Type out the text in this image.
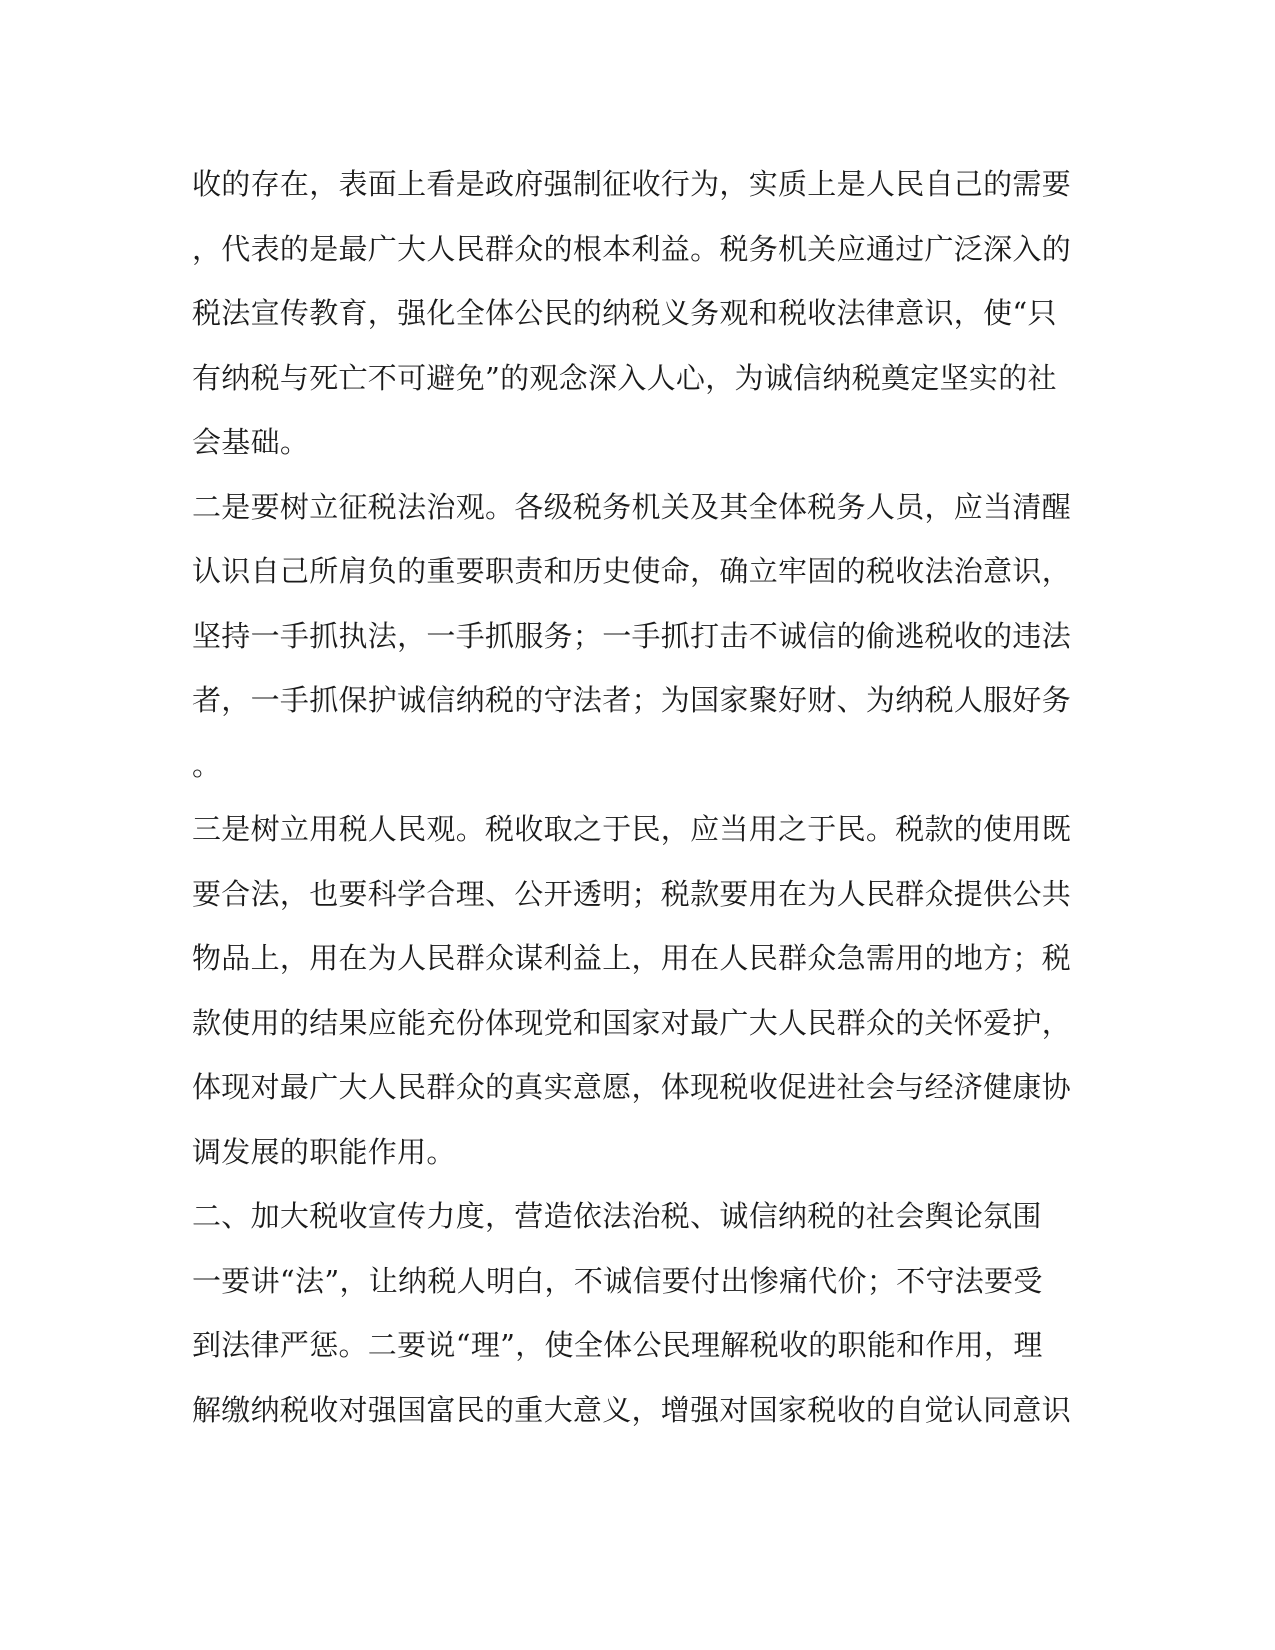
收的存在，表面上看是政府强制征收行为，实质上是人民自己的需要
，代表的是最广大人民群众的根本利益。税务机关应通过广泛深入的
税法宣传教育，强化全体公民的纳税义务观和税收法律意识，使“只
有纳税与死亡不可避免”的观念深入人心，为诚信纳税奠定坚实的社
会基础。
二是要树立征税法治观。各级税务机关及其全体税务人员，应当清醒
认识自己所肩负的重要职责和历史使命，确立牢固的税收法治意识，
坚持一手抓执法，一手抓服务；一手抓打击不诚信的偷逃税收的违法
者，一手抓保护诚信纳税的守法者；为国家聚好财、为纳税人服好务
。
三是树立用税人民观。税收取之于民，应当用之于民。税款的使用既
要合法，也要科学合理、公开透明；税款要用在为人民群众提供公共
物品上，用在为人民群众谋利益上，用在人民群众急需用的地方；税
款使用的结果应能充份体现党和国家对最广大人民群众的关怀爱护，
体现对最广大人民群众的真实意愿，体现税收促进社会与经济健康协
调发展的职能作用。
二、加大税收宣传力度，营造依法治税、诚信纳税的社会舆论氛围
一要讲“法”，让纳税人明白，不诚信要付出惨痛代价；不守法要受
到法律严惩。二要说“理”，使全体公民理解税收的职能和作用，理
解缴纳税收对强国富民的重大意义，增强对国家税收的自觉认同意识
